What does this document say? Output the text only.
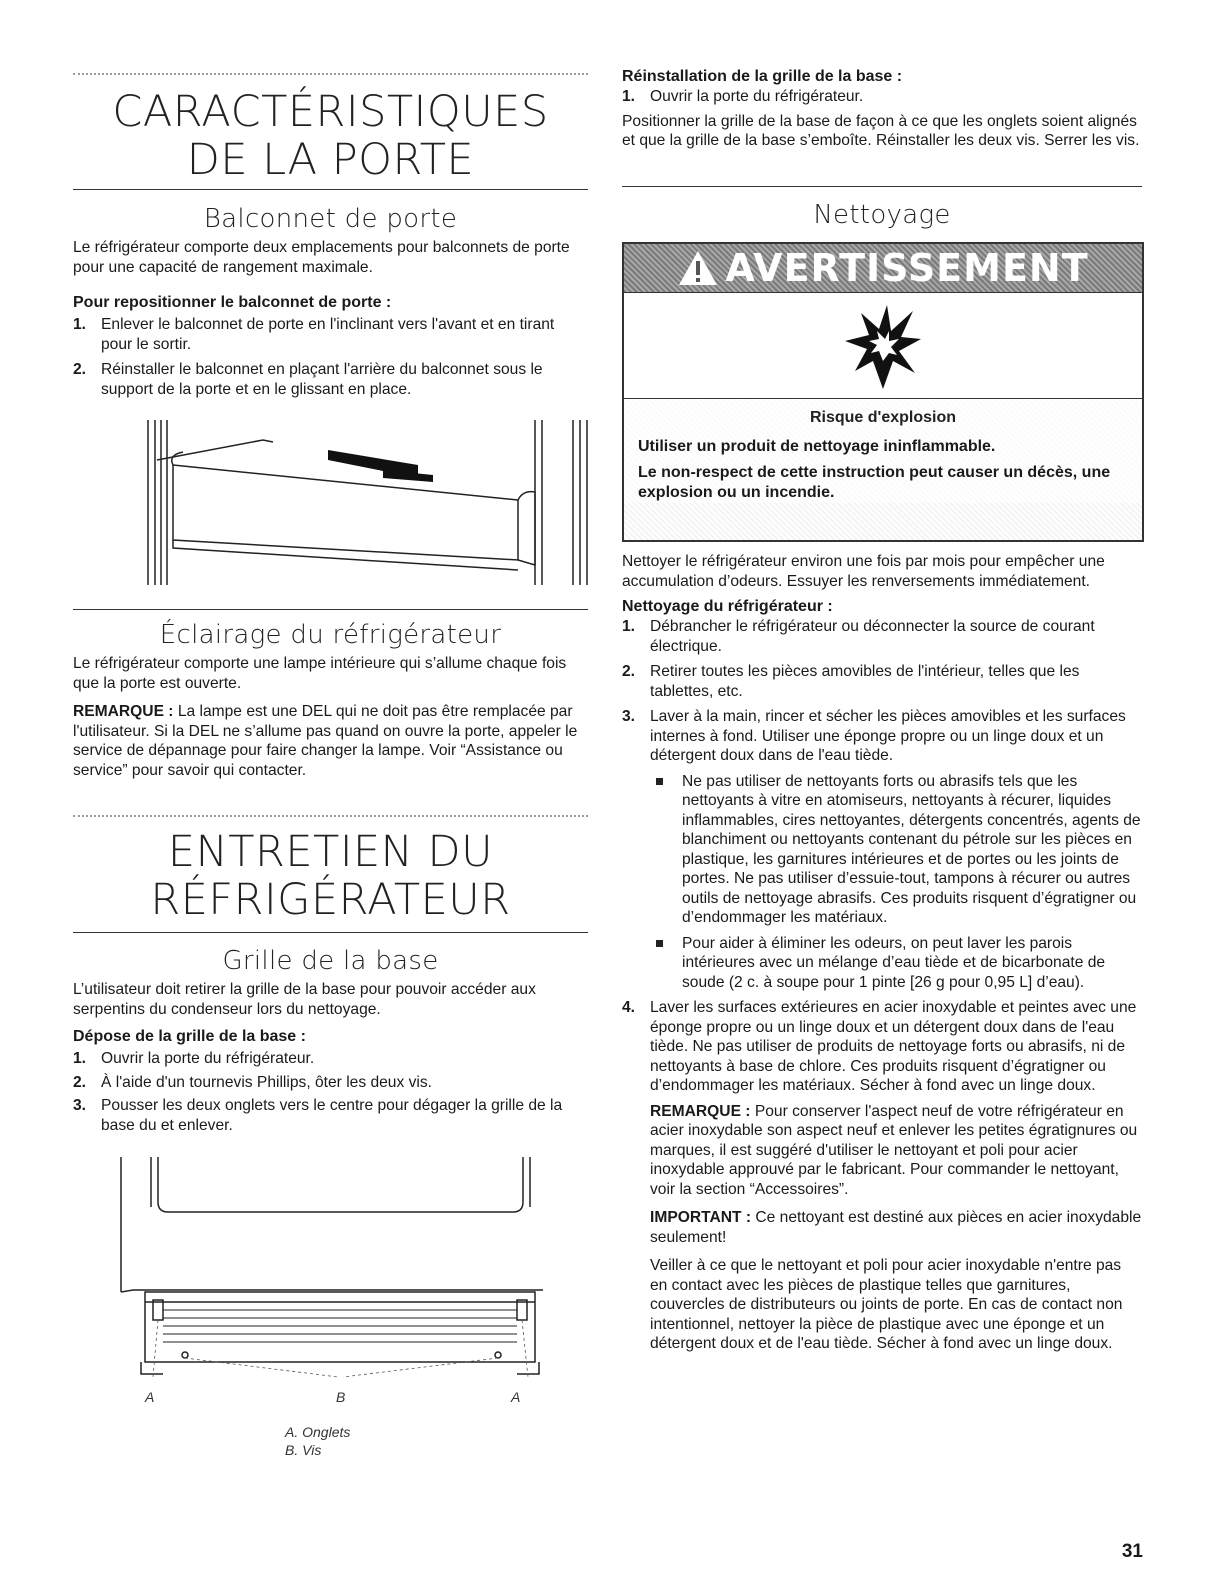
CARACTÉRISTIQUES
DE LA PORTE
Balconnet de porte

Le réfrigérateur comporte deux emplacements pour balconnets de porte pour une capacité de rangement maximale.

Pour repositionner le balconnet de porte :

1. Enlever le balconnet de porte en l'inclinant vers l'avant et en tirant pour le sortir.
2. Réinstaller le balconnet en plaçant l'arrière du balconnet sous le support de la porte et en le glissant en place.
Éclairage du réfrigérateur

Le réfrigérateur comporte une lampe intérieure qui s’allume chaque fois que la porte est ouverte.

REMARQUE : La lampe est une DEL qui ne doit pas être remplacée par l'utilisateur. Si la DEL ne s’allume pas quand on ouvre la porte, appeler le service de dépannage pour faire changer la lampe. Voir “Assistance ou service” pour savoir qui contacter.

ENTRETIEN DU
RÉFRIGÉRATEUR
Grille de la base

L’utilisateur doit retirer la grille de la base pour pouvoir accéder aux serpentins du condenseur lors du nettoyage.

Dépose de la grille de la base :

1. Ouvrir la porte du réfrigérateur.
2. À l'aide d'un tournevis Phillips, ôter les deux vis.
3. Pousser les deux onglets vers le centre pour dégager la grille de la base du et enlever.
A	B	A
A. Onglets
B. Vis

Réinstallation de la grille de la base :

1. Ouvrir la porte du réfrigérateur.

Positionner la grille de la base de façon à ce que les onglets soient alignés et que la grille de la base s’emboîte. Réinstaller les deux vis. Serrer les vis.

Nettoyage
AVERTISSEMENT
Risque d'explosion
Utiliser un produit de nettoyage ininflammable.
Le non-respect de cette instruction peut causer un décès, une explosion ou un incendie.

Nettoyer le réfrigérateur environ une fois par mois pour empêcher une accumulation d’odeurs. Essuyer les renversements immédiatement.

Nettoyage du réfrigérateur :

1. Débrancher le réfrigérateur ou déconnecter la source de courant électrique.
2. Retirer toutes les pièces amovibles de l'intérieur, telles que les tablettes, etc.
3. Laver à la main, rincer et sécher les pièces amovibles et les surfaces internes à fond. Utiliser une éponge propre ou un linge doux et un détergent doux dans de l'eau tiède.
Ne pas utiliser de nettoyants forts ou abrasifs tels que les nettoyants à vitre en atomiseurs, nettoyants à récurer, liquides inflammables, cires nettoyantes, détergents concentrés, agents de blanchiment ou nettoyants contenant du pétrole sur les pièces en plastique, les garnitures intérieures et de portes ou les joints de portes. Ne pas utiliser d’essuie-tout, tampons à récurer ou autres outils de nettoyage abrasifs. Ces produits risquent d’égratigner ou d’endommager les matériaux.
Pour aider à éliminer les odeurs, on peut laver les parois intérieures avec un mélange d’eau tiède et de bicarbonate de soude (2 c. à soupe pour 1 pinte [26 g pour 0,95 L] d’eau).
4. Laver les surfaces extérieures en acier inoxydable et peintes avec une éponge propre ou un linge doux et un détergent doux dans de l'eau tiède. Ne pas utiliser de produits de nettoyage forts ou abrasifs, ni de nettoyants à base de chlore. Ces produits risquent d’égratigner ou d’endommager les matériaux. Sécher à fond avec un linge doux.

REMARQUE : Pour conserver l'aspect neuf de votre réfrigérateur en acier inoxydable son aspect neuf et enlever les petites égratignures ou marques, il est suggéré d'utiliser le nettoyant et poli pour acier inoxydable approuvé par le fabricant. Pour commander le nettoyant, voir la section “Accessoires”.

IMPORTANT : Ce nettoyant est destiné aux pièces en acier inoxydable seulement!

Veiller à ce que le nettoyant et poli pour acier inoxydable n'entre pas en contact avec les pièces de plastique telles que garnitures, couvercles de distributeurs ou joints de porte. En cas de contact non intentionnel, nettoyer la pièce de plastique avec une éponge et un détergent doux et de l'eau tiède. Sécher à fond avec un linge doux.

31
